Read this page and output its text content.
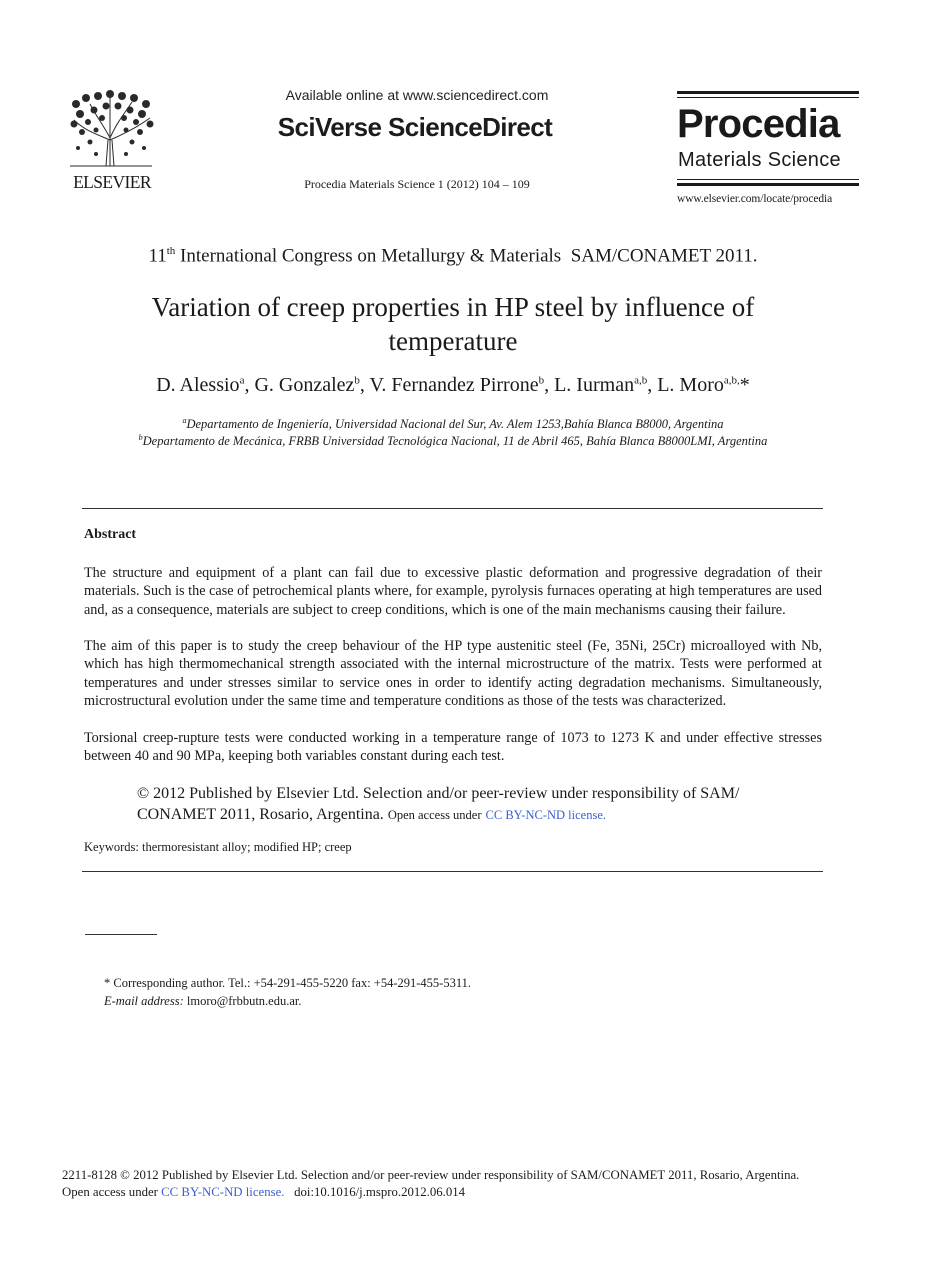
ELSEVIER
Available online at www.sciencedirect.com
SciVerse ScienceDirect
Procedia Materials Science 1 (2012) 104 – 109
Procedia
Materials Science
www.elsevier.com/locate/procedia
11th International Congress on Metallurgy & Materials  SAM/CONAMET 2011.
Variation of creep properties in HP steel by influence of
temperature
D. Alessio$^a$, G. Gonzalez$^b$, V. Fernandez Pirrone$^b$, L. Iurman$^{a,b}$, L. Moro$^{a,b,}$*
$^a$Departamento de Ingeniería, Universidad Nacional del Sur, Av. Alem 1253,Bahía Blanca B8000, Argentina
$^b$Departamento de Mecánica, FRBB Universidad Tecnológica Nacional, 11 de Abril 465, Bahía Blanca B8000LMI, Argentina
Abstract
The structure and equipment of a plant can fail due to excessive plastic deformation and progressive degradation of their materials. Such is the case of petrochemical plants where, for example, pyrolysis furnaces operating at high temperatures are used and, as a consequence, materials are subject to creep conditions, which is one of the main mechanisms causing their failure.
The aim of this paper is to study the creep behaviour of the HP type austenitic steel (Fe, 35Ni, 25Cr) microalloyed with Nb, which has high thermomechanical strength associated with the internal microstructure of the matrix. Tests were performed at temperatures and under stresses similar to service ones in order to identify acting degradation mechanisms. Simultaneously, microstructural evolution under the same time and temperature conditions as those of the tests was characterized.
Torsional creep-rupture tests were conducted working in a temperature range of 1073 to 1273 K and under effective stresses between 40 and 90 MPa, keeping both variables constant during each test.
© 2012 Published by Elsevier Ltd. Selection and/or peer-review under responsibility of SAM/
CONAMET 2011, Rosario, Argentina. Open access under CC BY-NC-ND license.
Keywords: thermoresistant alloy; modified HP; creep
* Corresponding author. Tel.: +54-291-455-5220 fax: +54-291-455-5311.
E-mail address: lmoro@frbbutn.edu.ar.
2211-8128 © 2012 Published by Elsevier Ltd. Selection and/or peer-review under responsibility of SAM/CONAMET 2011, Rosario, Argentina.
Open access under CC BY-NC-ND license. doi:10.1016/j.mspro.2012.06.014
